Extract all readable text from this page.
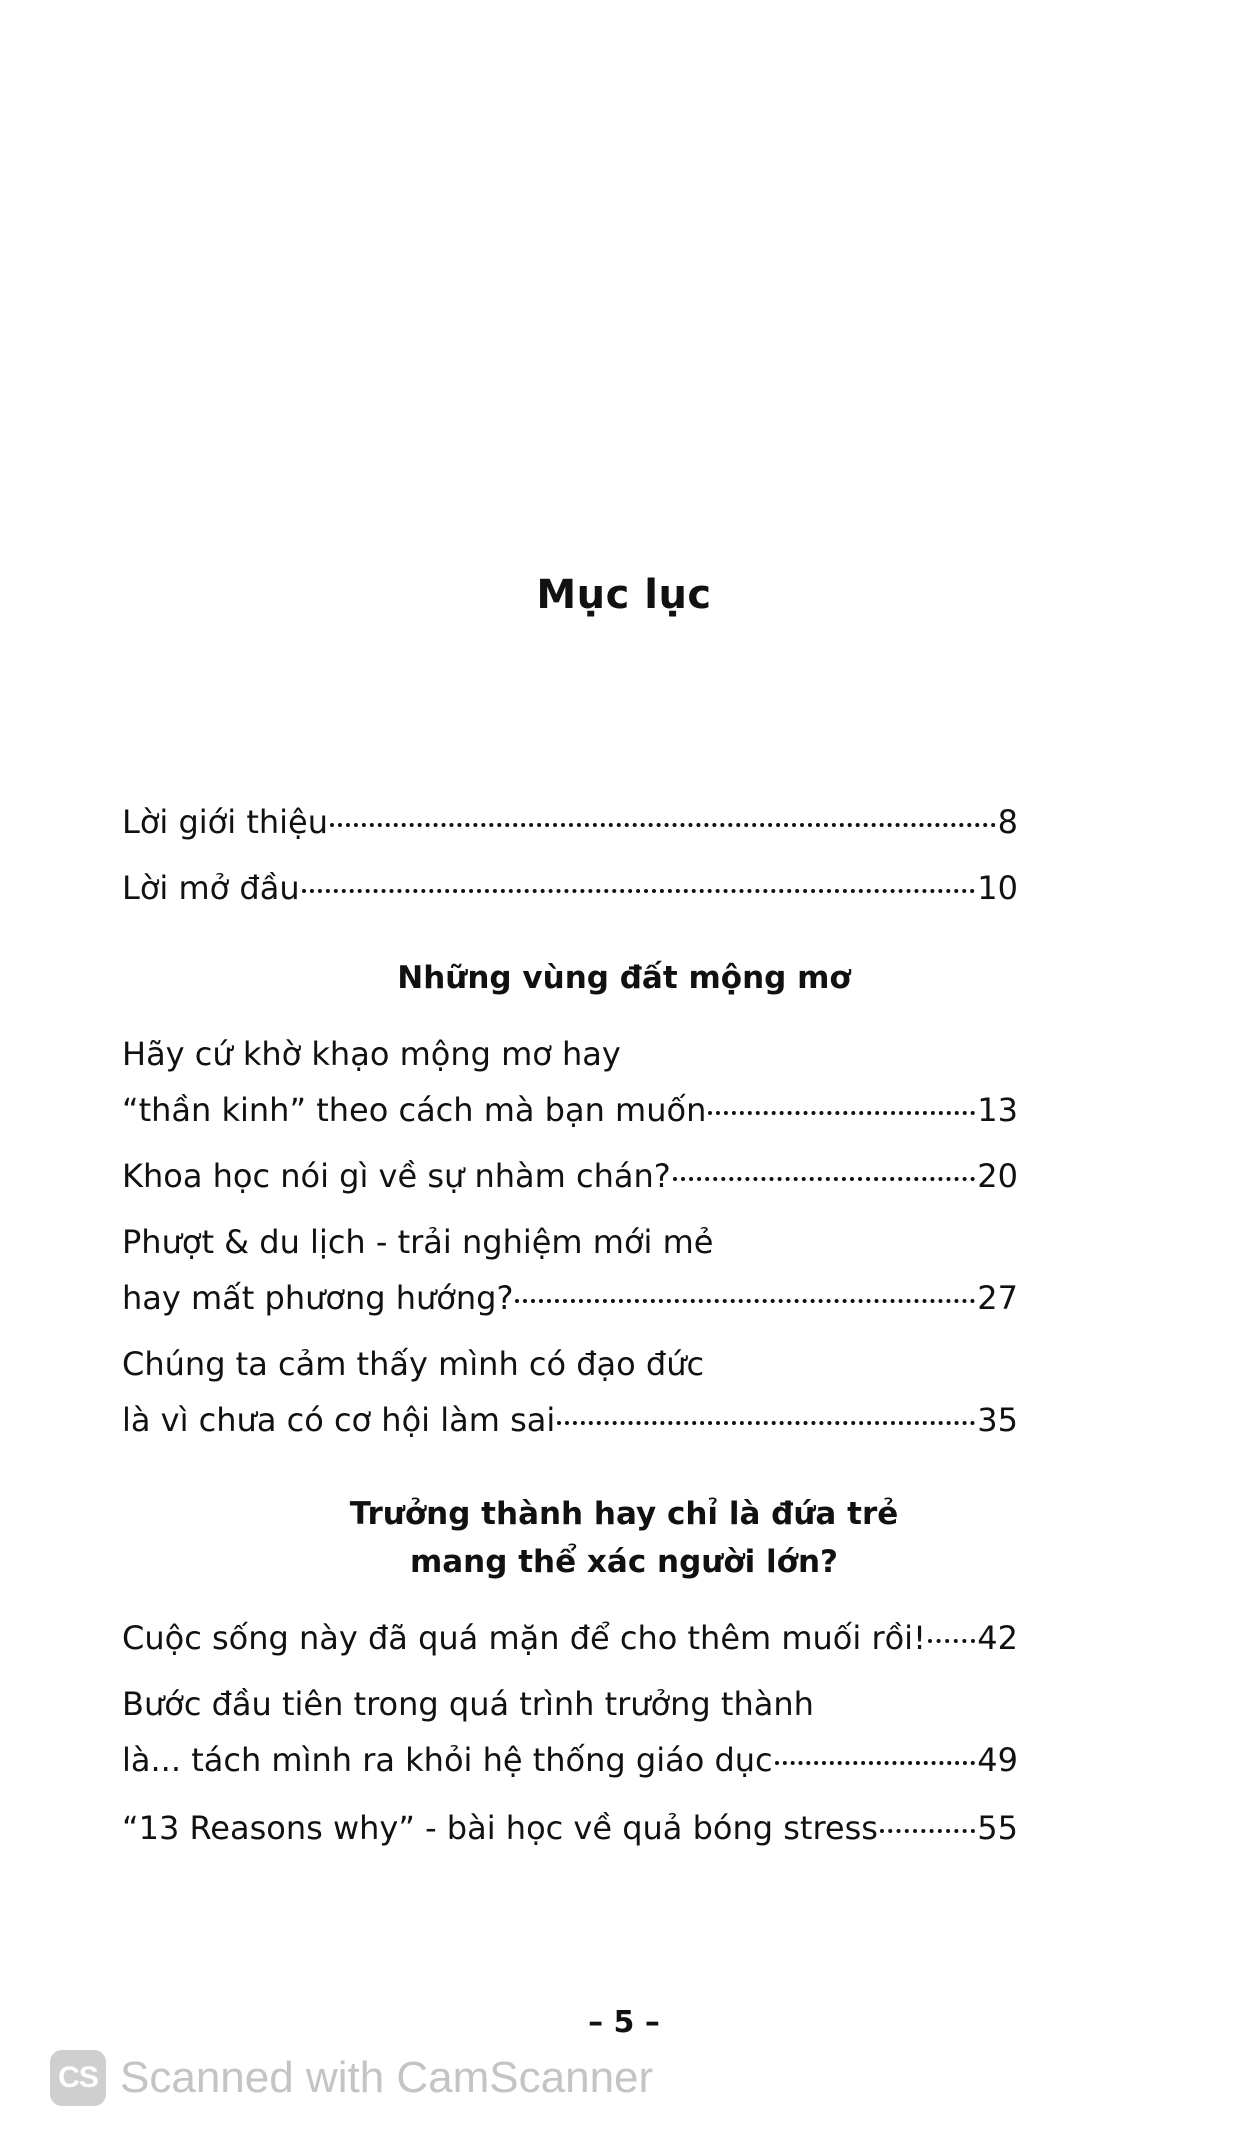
Mục lục
Lời giới thiệu	8
Lời mở đầu	10
Những vùng đất mộng mơ
Hãy cứ khờ khạo mộng mơ hay
“thần kinh” theo cách mà bạn muốn	13
Khoa học nói gì về sự nhàm chán?	20
Phượt & du lịch - trải nghiệm mới mẻ
hay mất phương hướng?	27
Chúng ta cảm thấy mình có đạo đức
là vì chưa có cơ hội làm sai	35
Trưởng thành hay chỉ là đứa trẻ
mang thể xác người lớn?
Cuộc sống này đã quá mặn để cho thêm muối rồi! 42
Bước đầu tiên trong quá trình trưởng thành
là... tách mình ra khỏi hệ thống giáo dục	49
“13 Reasons why” - bài học về quả bóng stress	55
– 5 –
CS Scanned with CamScanner
